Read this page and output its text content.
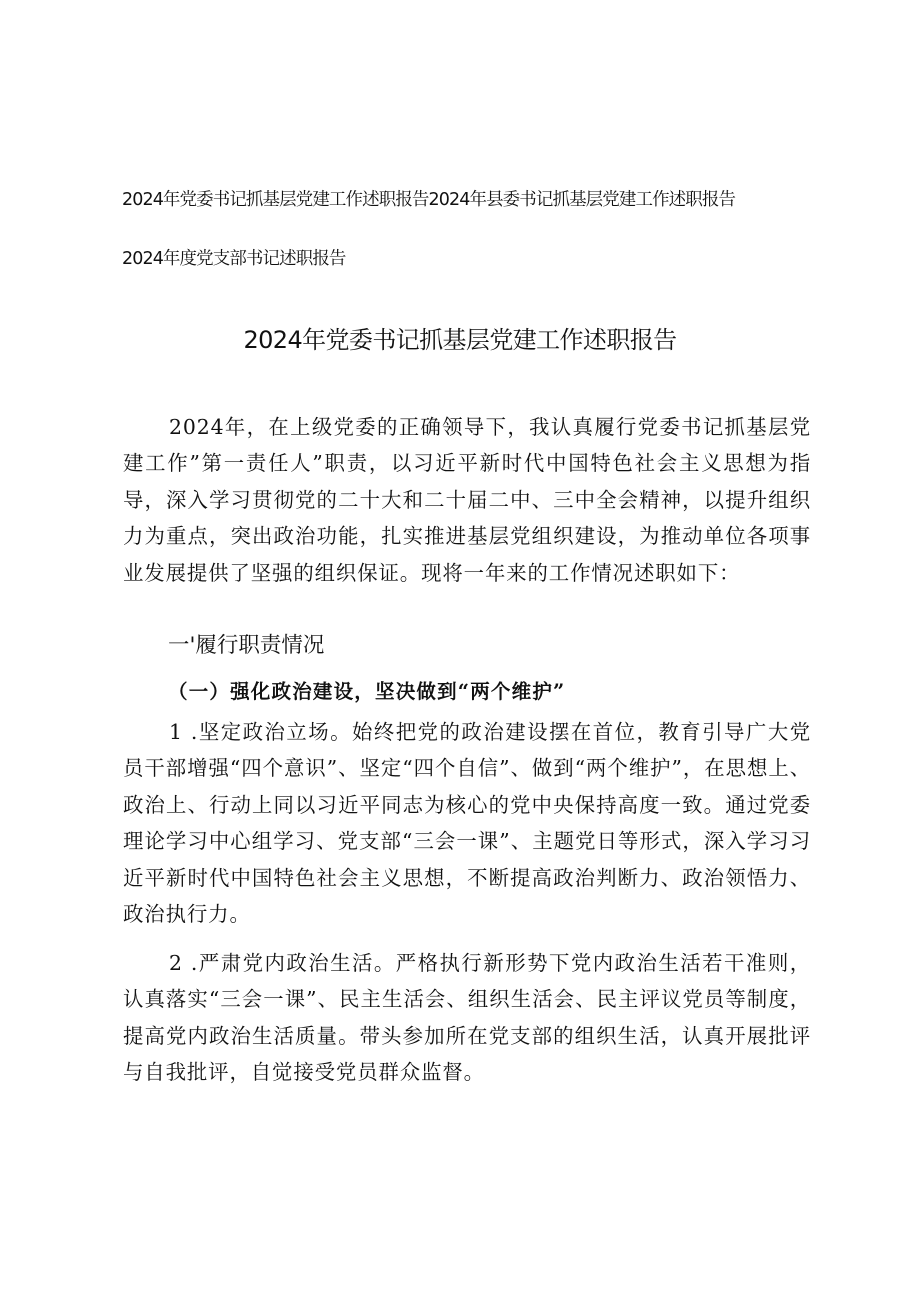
2024年党委书记抓基层党建工作述职报告2024年县委书记抓基层党建工作述职报告
2024年度党支部书记述职报告
2024年党委书记抓基层党建工作述职报告
2024年，在上级党委的正确领导下，我认真履行党委书记抓基层党建工作”第一责任人”职责，以习近平新时代中国特色社会主义思想为指导，深入学习贯彻党的二十大和二十届二中、三中全会精神，以提升组织力为重点，突出政治功能，扎实推进基层党组织建设，为推动单位各项事业发展提供了坚强的组织保证。现将一年来的工作情况述职如下：
一'履行职责情况
（一）强化政治建设，坚决做到“两个维护”
1 .坚定政治立场。始终把党的政治建设摆在首位，教育引导广大党员干部增强“四个意识”、坚定“四个自信”、做到“两个维护”，在思想上、政治上、行动上同以习近平同志为核心的党中央保持高度一致。通过党委理论学习中心组学习、党支部“三会一课”、主题党日等形式，深入学习习近平新时代中国特色社会主义思想，不断提高政治判断力、政治领悟力、政治执行力。
2 .严肃党内政治生活。严格执行新形势下党内政治生活若干准则，认真落实“三会一课”、民主生活会、组织生活会、民主评议党员等制度，提高党内政治生活质量。带头参加所在党支部的组织生活，认真开展批评与自我批评，自觉接受党员群众监督。
